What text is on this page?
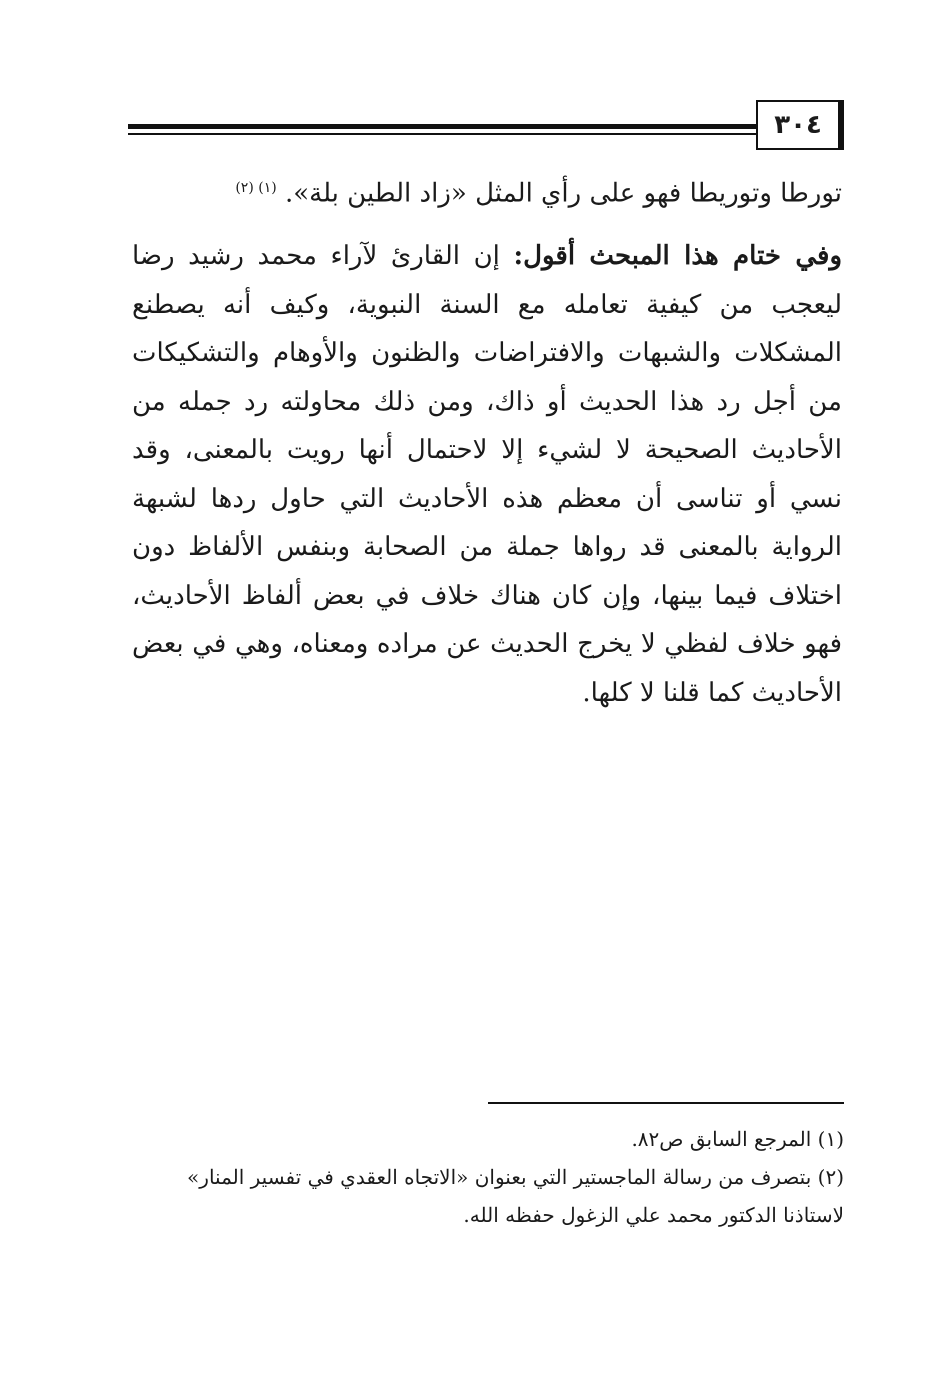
٣٠٤

تورطا وتوريطا فهو على رأي المثل «زاد الطين بلة». $^{(١) (٢)}$

وفي ختام هذا المبحث أقول: إن القارئ لآراء محمد رشيد رضا ليعجب من كيفية تعامله مع السنة النبوية، وكيف أنه يصطنع المشكلات والشبهات والافتراضات والظنون والأوهام والتشكيكات من أجل رد هذا الحديث أو ذاك، ومن ذلك محاولته رد جمله من الأحاديث الصحيحة لا لشيء إلا لاحتمال أنها رويت بالمعنى، وقد نسي أو تناسى أن معظم هذه الأحاديث التي حاول ردها لشبهة الرواية بالمعنى قد رواها جملة من الصحابة وبنفس الألفاظ دون اختلاف فيما بينها، وإن كان هناك خلاف في بعض ألفاظ الأحاديث، فهو خلاف لفظي لا يخرج الحديث عن مراده ومعناه، وهي في بعض الأحاديث كما قلنا لا كلها.

(١) المرجع السابق ص٨٢.

(٢) بتصرف من رسالة الماجستير التي بعنوان «الاتجاه العقدي في تفسير المنار» لاستاذنا الدكتور محمد علي الزغول حفظه الله.
